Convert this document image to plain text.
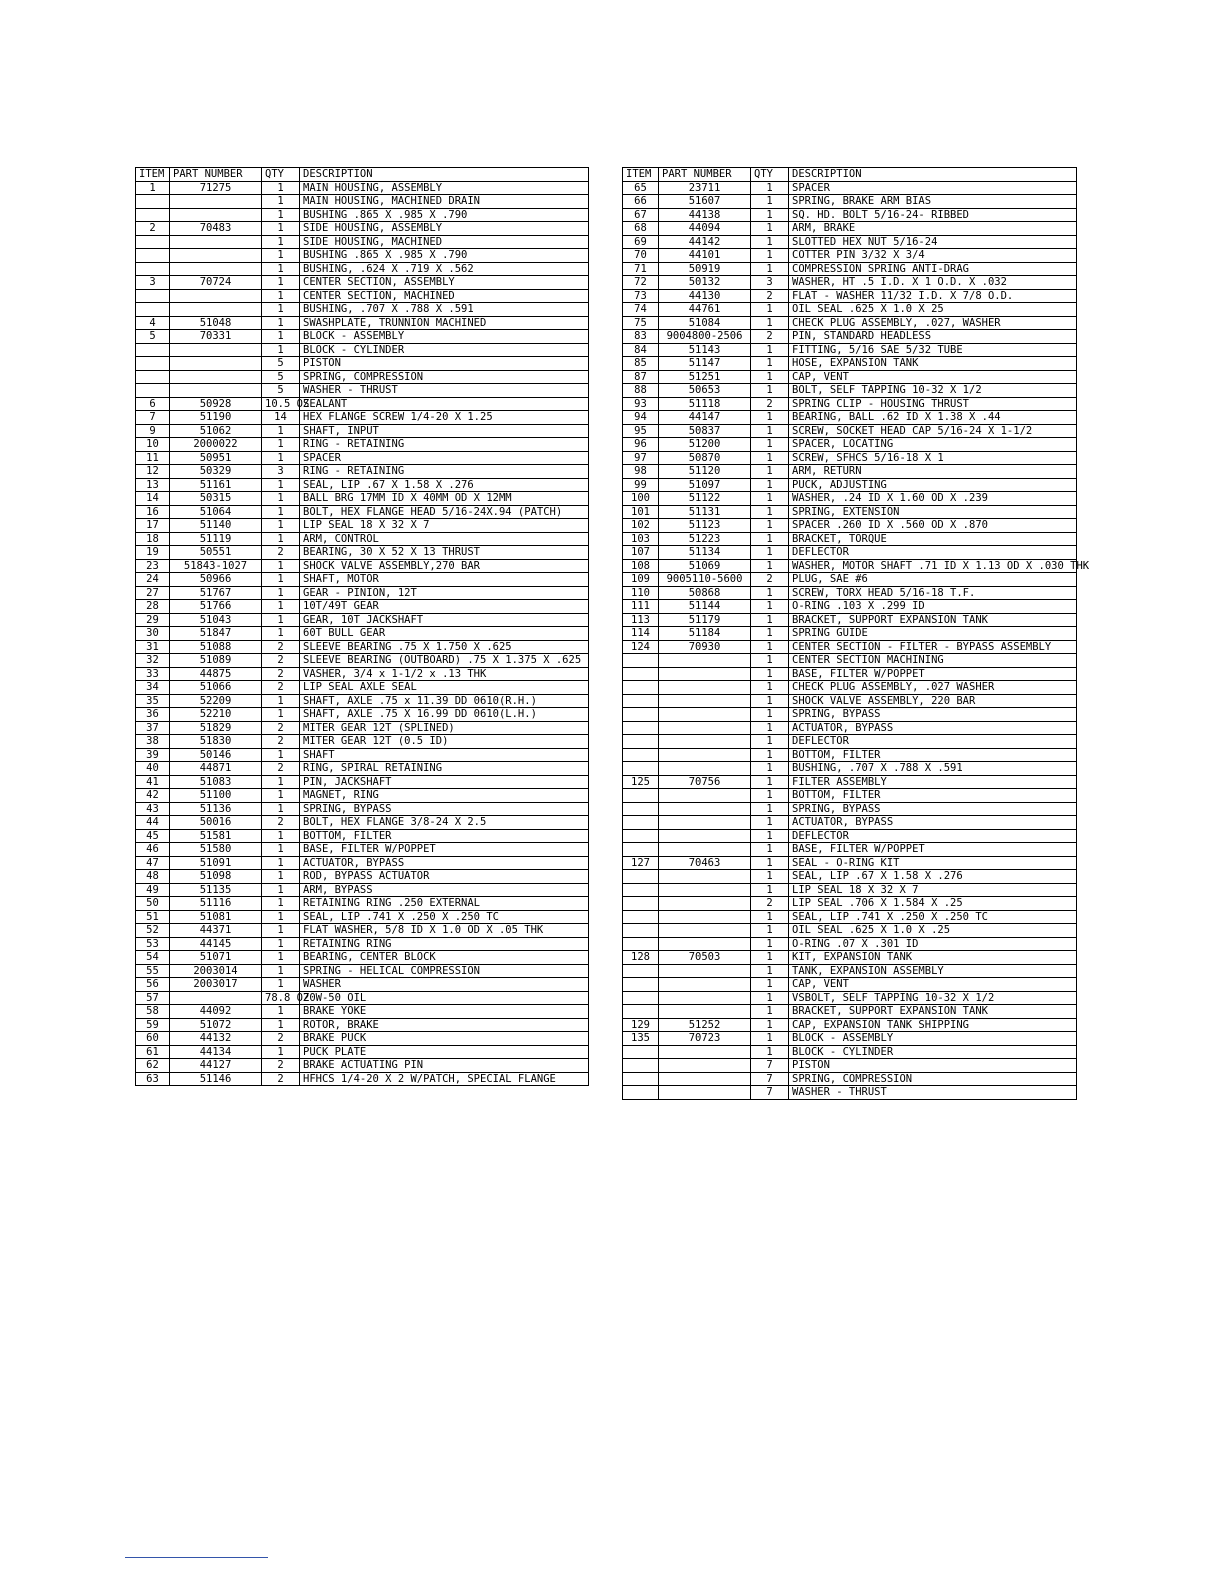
ITEM	PART NUMBER	QTY	DESCRIPTION
1	71275	1	MAIN HOUSING, ASSEMBLY
		1	MAIN HOUSING, MACHINED DRAIN
		1	BUSHING .865 X .985 X .790
2	70483	1	SIDE HOUSING, ASSEMBLY
		1	SIDE HOUSING, MACHINED
		1	BUSHING .865 X .985 X .790
		1	BUSHING, .624 X .719 X .562
3	70724	1	CENTER SECTION, ASSEMBLY
		1	CENTER SECTION, MACHINED
		1	BUSHING, .707 X .788 X .591
4	51048	1	SWASHPLATE, TRUNNION MACHINED
5	70331	1	BLOCK - ASSEMBLY
		1	BLOCK - CYLINDER
		5	PISTON
		5	SPRING, COMPRESSION
		5	WASHER - THRUST
6	50928	10.5 OZ	SEALANT
7	51190	14	HEX FLANGE SCREW 1/4-20 X 1.25
9	51062	1	SHAFT, INPUT
10	2000022	1	RING - RETAINING
11	50951	1	SPACER
12	50329	3	RING - RETAINING
13	51161	1	SEAL, LIP .67 X 1.58 X .276
14	50315	1	BALL BRG 17MM ID X 40MM OD X 12MM
16	51064	1	BOLT, HEX FLANGE HEAD 5/16-24X.94 (PATCH)
17	51140	1	LIP SEAL 18 X 32 X 7
18	51119	1	ARM, CONTROL
19	50551	2	BEARING, 30 X 52 X 13 THRUST
23	51843-1027	1	SHOCK VALVE ASSEMBLY,270 BAR
24	50966	1	SHAFT, MOTOR
27	51767	1	GEAR - PINION, 12T
28	51766	1	10T/49T GEAR
29	51043	1	GEAR, 10T JACKSHAFT
30	51847	1	60T BULL GEAR
31	51088	2	SLEEVE BEARING .75 X 1.750 X .625
32	51089	2	SLEEVE BEARING (OUTBOARD) .75 X 1.375 X .625
33	44875	2	VASHER, 3/4 x 1-1/2 x .13 THK
34	51066	2	LIP SEAL AXLE SEAL
35	52209	1	SHAFT, AXLE .75 x 11.39 DD 0610(R.H.)
36	52210	1	SHAFT, AXLE .75 X 16.99 DD 0610(L.H.)
37	51829	2	MITER GEAR 12T (SPLINED)
38	51830	2	MITER GEAR 12T (0.5 ID)
39	50146	1	SHAFT
40	44871	2	RING, SPIRAL RETAINING
41	51083	1	PIN, JACKSHAFT
42	51100	1	MAGNET, RING
43	51136	1	SPRING, BYPASS
44	50016	2	BOLT, HEX FLANGE 3/8-24 X 2.5
45	51581	1	BOTTOM, FILTER
46	51580	1	BASE, FILTER W/POPPET
47	51091	1	ACTUATOR, BYPASS
48	51098	1	ROD, BYPASS ACTUATOR
49	51135	1	ARM, BYPASS
50	51116	1	RETAINING RING .250 EXTERNAL
51	51081	1	SEAL, LIP .741 X .250 X .250 TC
52	44371	1	FLAT WASHER, 5/8 ID X 1.0 OD X .05 THK
53	44145	1	RETAINING RING
54	51071	1	BEARING, CENTER BLOCK
55	2003014	1	SPRING - HELICAL COMPRESSION
56	2003017	1	WASHER
57		78.8 OZ	20W-50 OIL
58	44092	1	BRAKE YOKE
59	51072	1	ROTOR, BRAKE
60	44132	2	BRAKE PUCK
61	44134	1	PUCK PLATE
62	44127	2	BRAKE ACTUATING PIN
63	51146	2	HFHCS 1/4-20 X 2 W/PATCH, SPECIAL FLANGE
ITEM	PART NUMBER	QTY	DESCRIPTION
65	23711	1	SPACER
66	51607	1	SPRING, BRAKE ARM BIAS
67	44138	1	SQ. HD. BOLT 5/16-24- RIBBED
68	44094	1	ARM, BRAKE
69	44142	1	SLOTTED HEX NUT 5/16-24
70	44101	1	COTTER PIN 3/32 X 3/4
71	50919	1	COMPRESSION SPRING ANTI-DRAG
72	50132	3	WASHER, HT .5 I.D. X 1 O.D. X .032
73	44130	2	FLAT - WASHER 11/32 I.D. X 7/8 O.D.
74	44761	1	OIL SEAL .625 X 1.0 X 25
75	51084	1	CHECK PLUG ASSEMBLY, .027, WASHER
83	9004800-2506	2	PIN, STANDARD HEADLESS
84	51143	1	FITTING, 5/16 SAE 5/32 TUBE
85	51147	1	HOSE, EXPANSION TANK
87	51251	1	CAP, VENT
88	50653	1	BOLT, SELF TAPPING 10-32 X 1/2
93	51118	2	SPRING CLIP - HOUSING THRUST
94	44147	1	BEARING, BALL .62 ID X 1.38 X .44
95	50837	1	SCREW, SOCKET HEAD CAP 5/16-24 X 1-1/2
96	51200	1	SPACER, LOCATING
97	50870	1	SCREW, SFHCS 5/16-18 X 1
98	51120	1	ARM, RETURN
99	51097	1	PUCK, ADJUSTING
100	51122	1	WASHER, .24 ID X 1.60 OD X .239
101	51131	1	SPRING, EXTENSION
102	51123	1	SPACER .260 ID X .560 OD X .870
103	51223	1	BRACKET, TORQUE
107	51134	1	DEFLECTOR
108	51069	1	WASHER, MOTOR SHAFT .71 ID X 1.13 OD X .030 THK
109	9005110-5600	2	PLUG, SAE #6
110	50868	1	SCREW, TORX HEAD 5/16-18 T.F.
111	51144	1	O-RING .103 X .299 ID
113	51179	1	BRACKET, SUPPORT EXPANSION TANK
114	51184	1	SPRING GUIDE
124	70930	1	CENTER SECTION - FILTER - BYPASS ASSEMBLY
		1	CENTER SECTION MACHINING
		1	BASE, FILTER W/POPPET
		1	CHECK PLUG ASSEMBLY, .027 WASHER
		1	SHOCK VALVE ASSEMBLY, 220 BAR
		1	SPRING, BYPASS
		1	ACTUATOR, BYPASS
		1	DEFLECTOR
		1	BOTTOM, FILTER
		1	BUSHING, .707 X .788 X .591
125	70756	1	FILTER ASSEMBLY
		1	BOTTOM, FILTER
		1	SPRING, BYPASS
		1	ACTUATOR, BYPASS
		1	DEFLECTOR
		1	BASE, FILTER W/POPPET
127	70463	1	SEAL - O-RING KIT
		1	SEAL, LIP .67 X 1.58 X .276
		1	LIP SEAL 18 X 32 X 7
		2	LIP SEAL .706 X 1.584 X .25
		1	SEAL, LIP .741 X .250 X .250 TC
		1	OIL SEAL .625 X 1.0 X .25
		1	O-RING .07 X .301 ID
128	70503	1	KIT, EXPANSION TANK
		1	TANK, EXPANSION ASSEMBLY
		1	CAP, VENT
		1	VSBOLT, SELF TAPPING 10-32 X 1/2
		1	BRACKET, SUPPORT EXPANSION TANK
129	51252	1	CAP, EXPANSION TANK SHIPPING
135	70723	1	BLOCK - ASSEMBLY
		1	BLOCK - CYLINDER
		7	PISTON
		7	SPRING, COMPRESSION
		7	WASHER - THRUST
